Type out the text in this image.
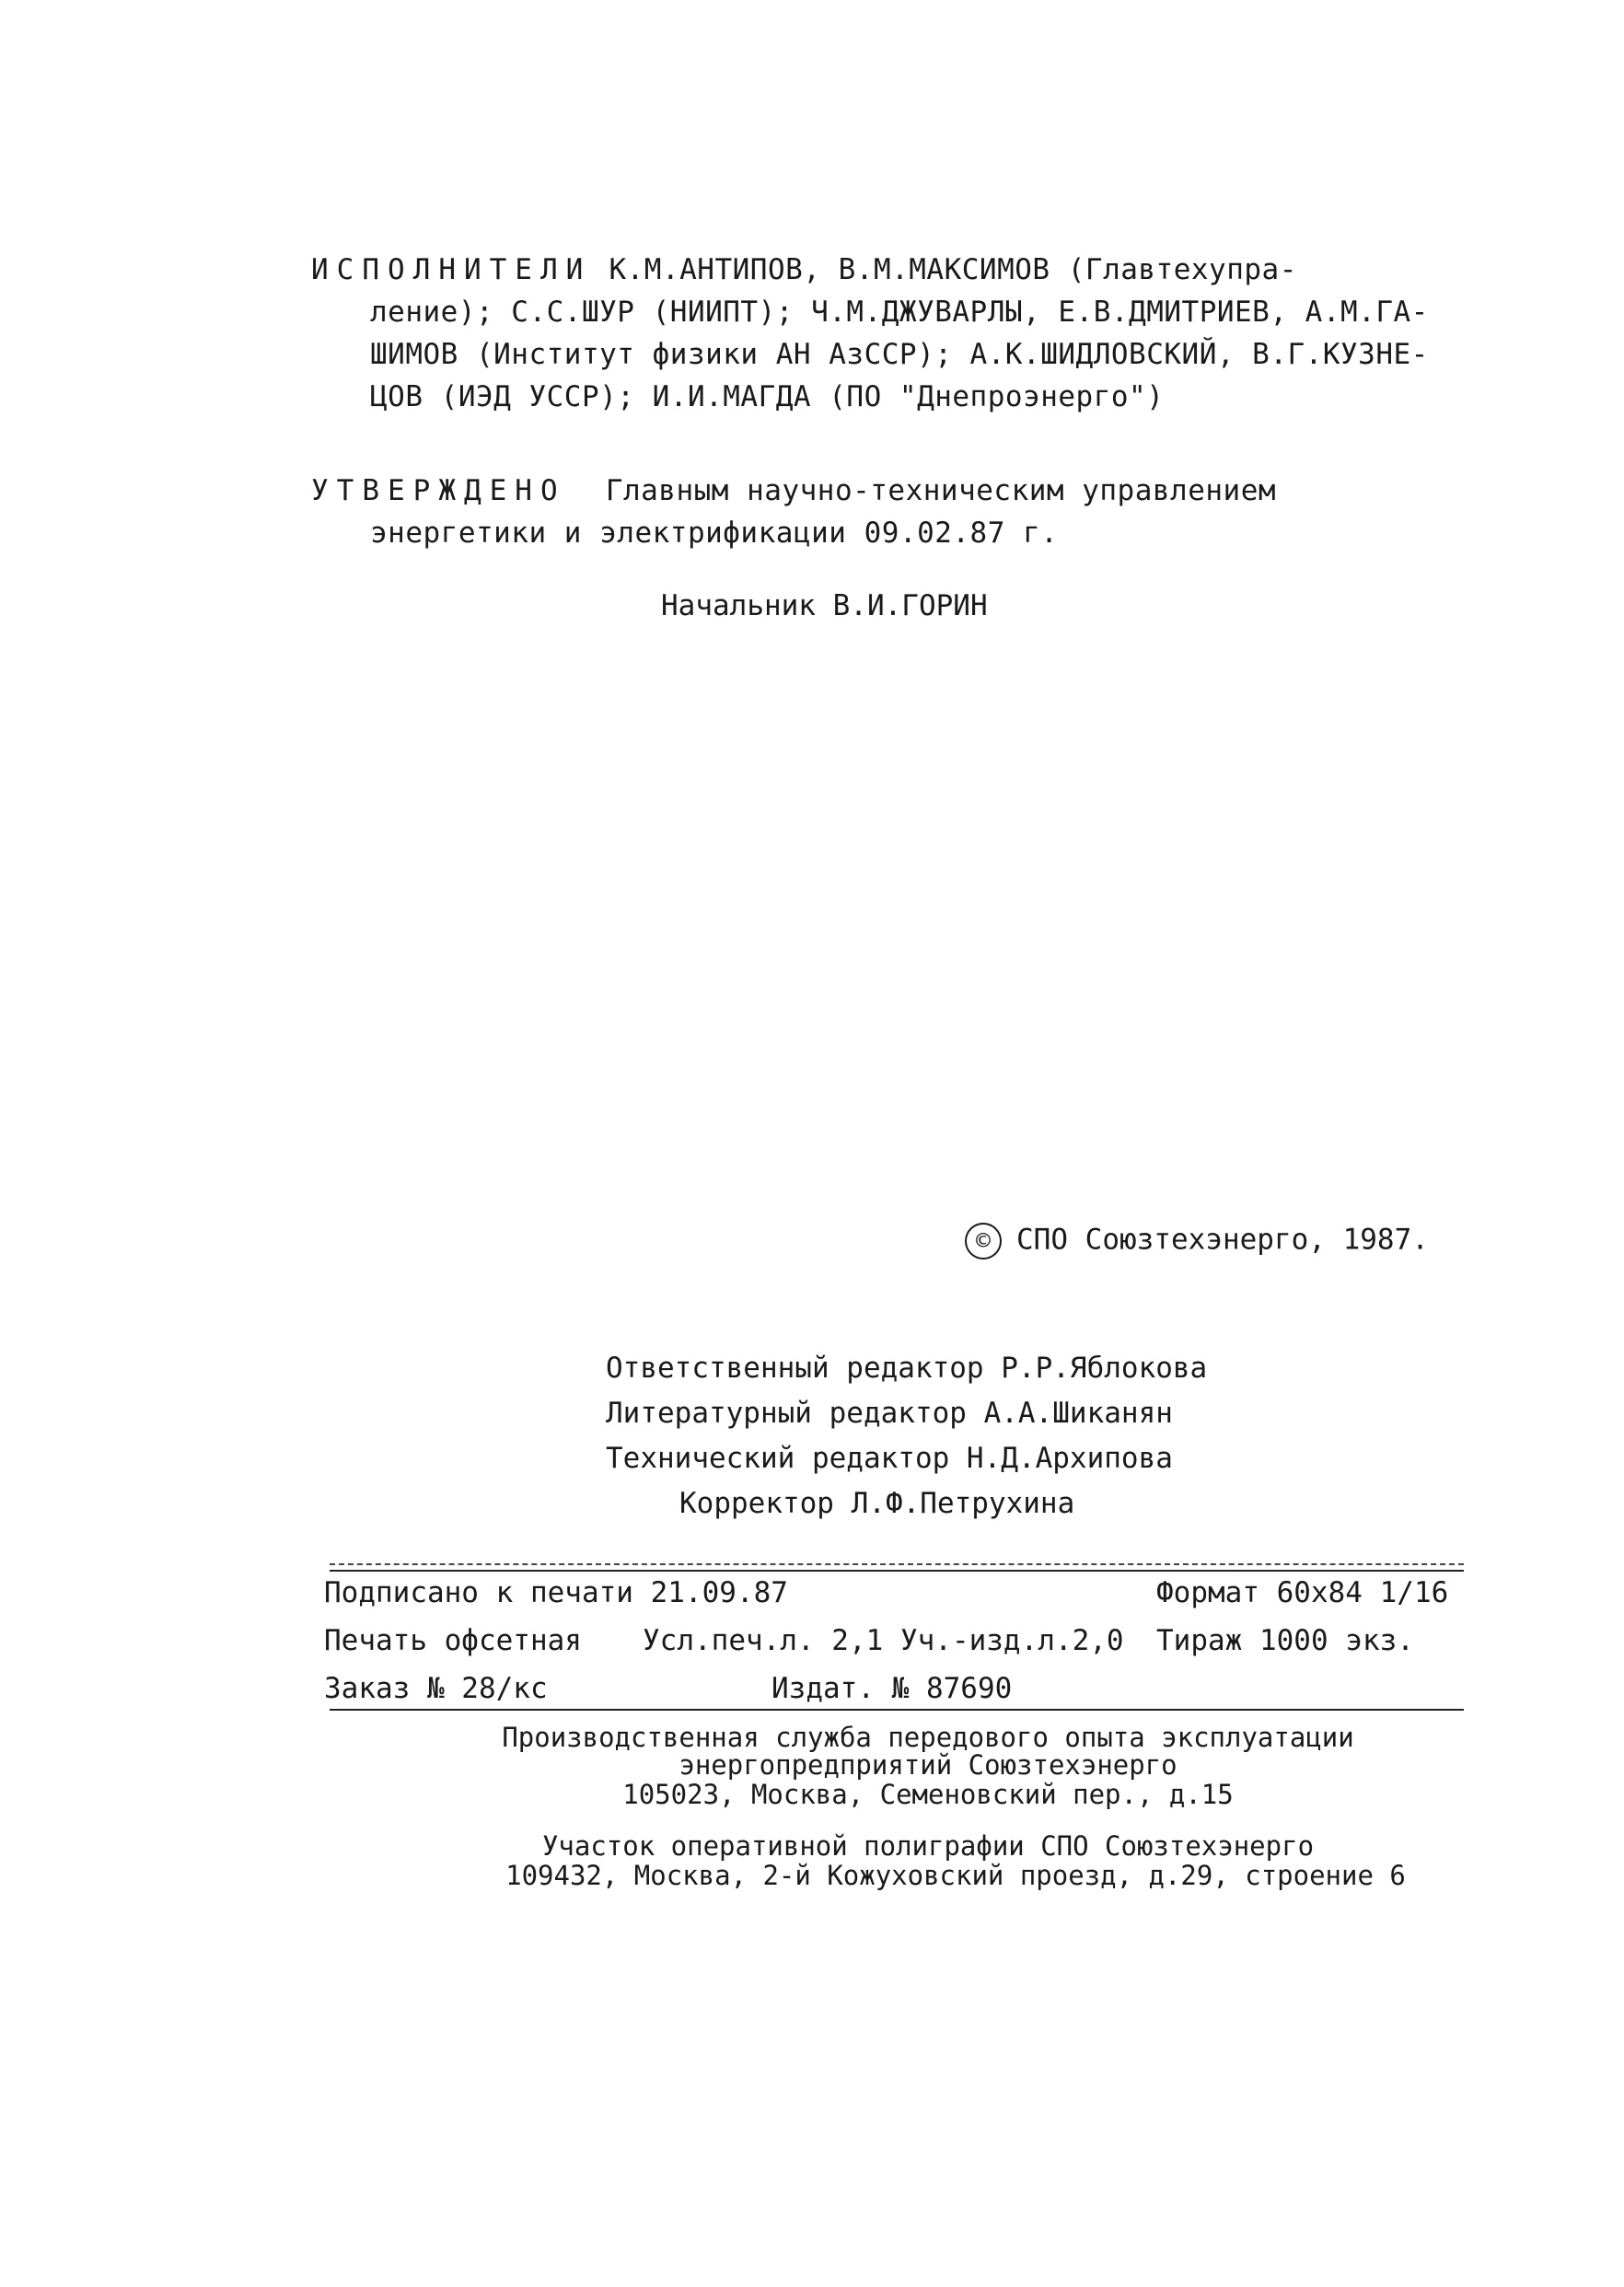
ИСПОЛНИТЕЛИ К.М.АНТИПОВ, В.М.МАКСИМОВ (Главтехупра-
ление); С.С.ШУР (НИИПТ); Ч.М.ДЖУВАРЛЫ, Е.В.ДМИТРИЕВ, А.М.ГА-
ШИМОВ (Институт физики АН АзССР); А.К.ШИДЛОВСКИЙ, В.Г.КУЗНЕ-
ЦОВ (ИЭД УССР); И.И.МАГДА (ПО "Днепроэнерго")
УТВЕРЖДЕНО Главным научно-техническим управлением
энергетики и электрификации 09.02.87 г.
Начальник В.И.ГОРИН
© СПО Союзтехэнерго, 1987.
Ответственный редактор Р.Р.Яблокова
Литературный редактор А.А.Шиканян
Технический редактор Н.Д.Архипова
Корректор Л.Ф.Петрухина
Подписано к печати 21.09.87	Формат 60x84 1/16
Печать офсетная Усл.печ.л. 2,1 Уч.-изд.л.2,0 Тираж 1000 экз.
Заказ № 28/кс	Издат. № 87690
Производственная служба передового опыта эксплуатации
энергопредприятий Союзтехэнерго
105023, Москва, Семеновский пер., д.15
Участок оперативной полиграфии СПО Союзтехэнерго
109432, Москва, 2-й Кожуховский проезд, д.29, строение 6
